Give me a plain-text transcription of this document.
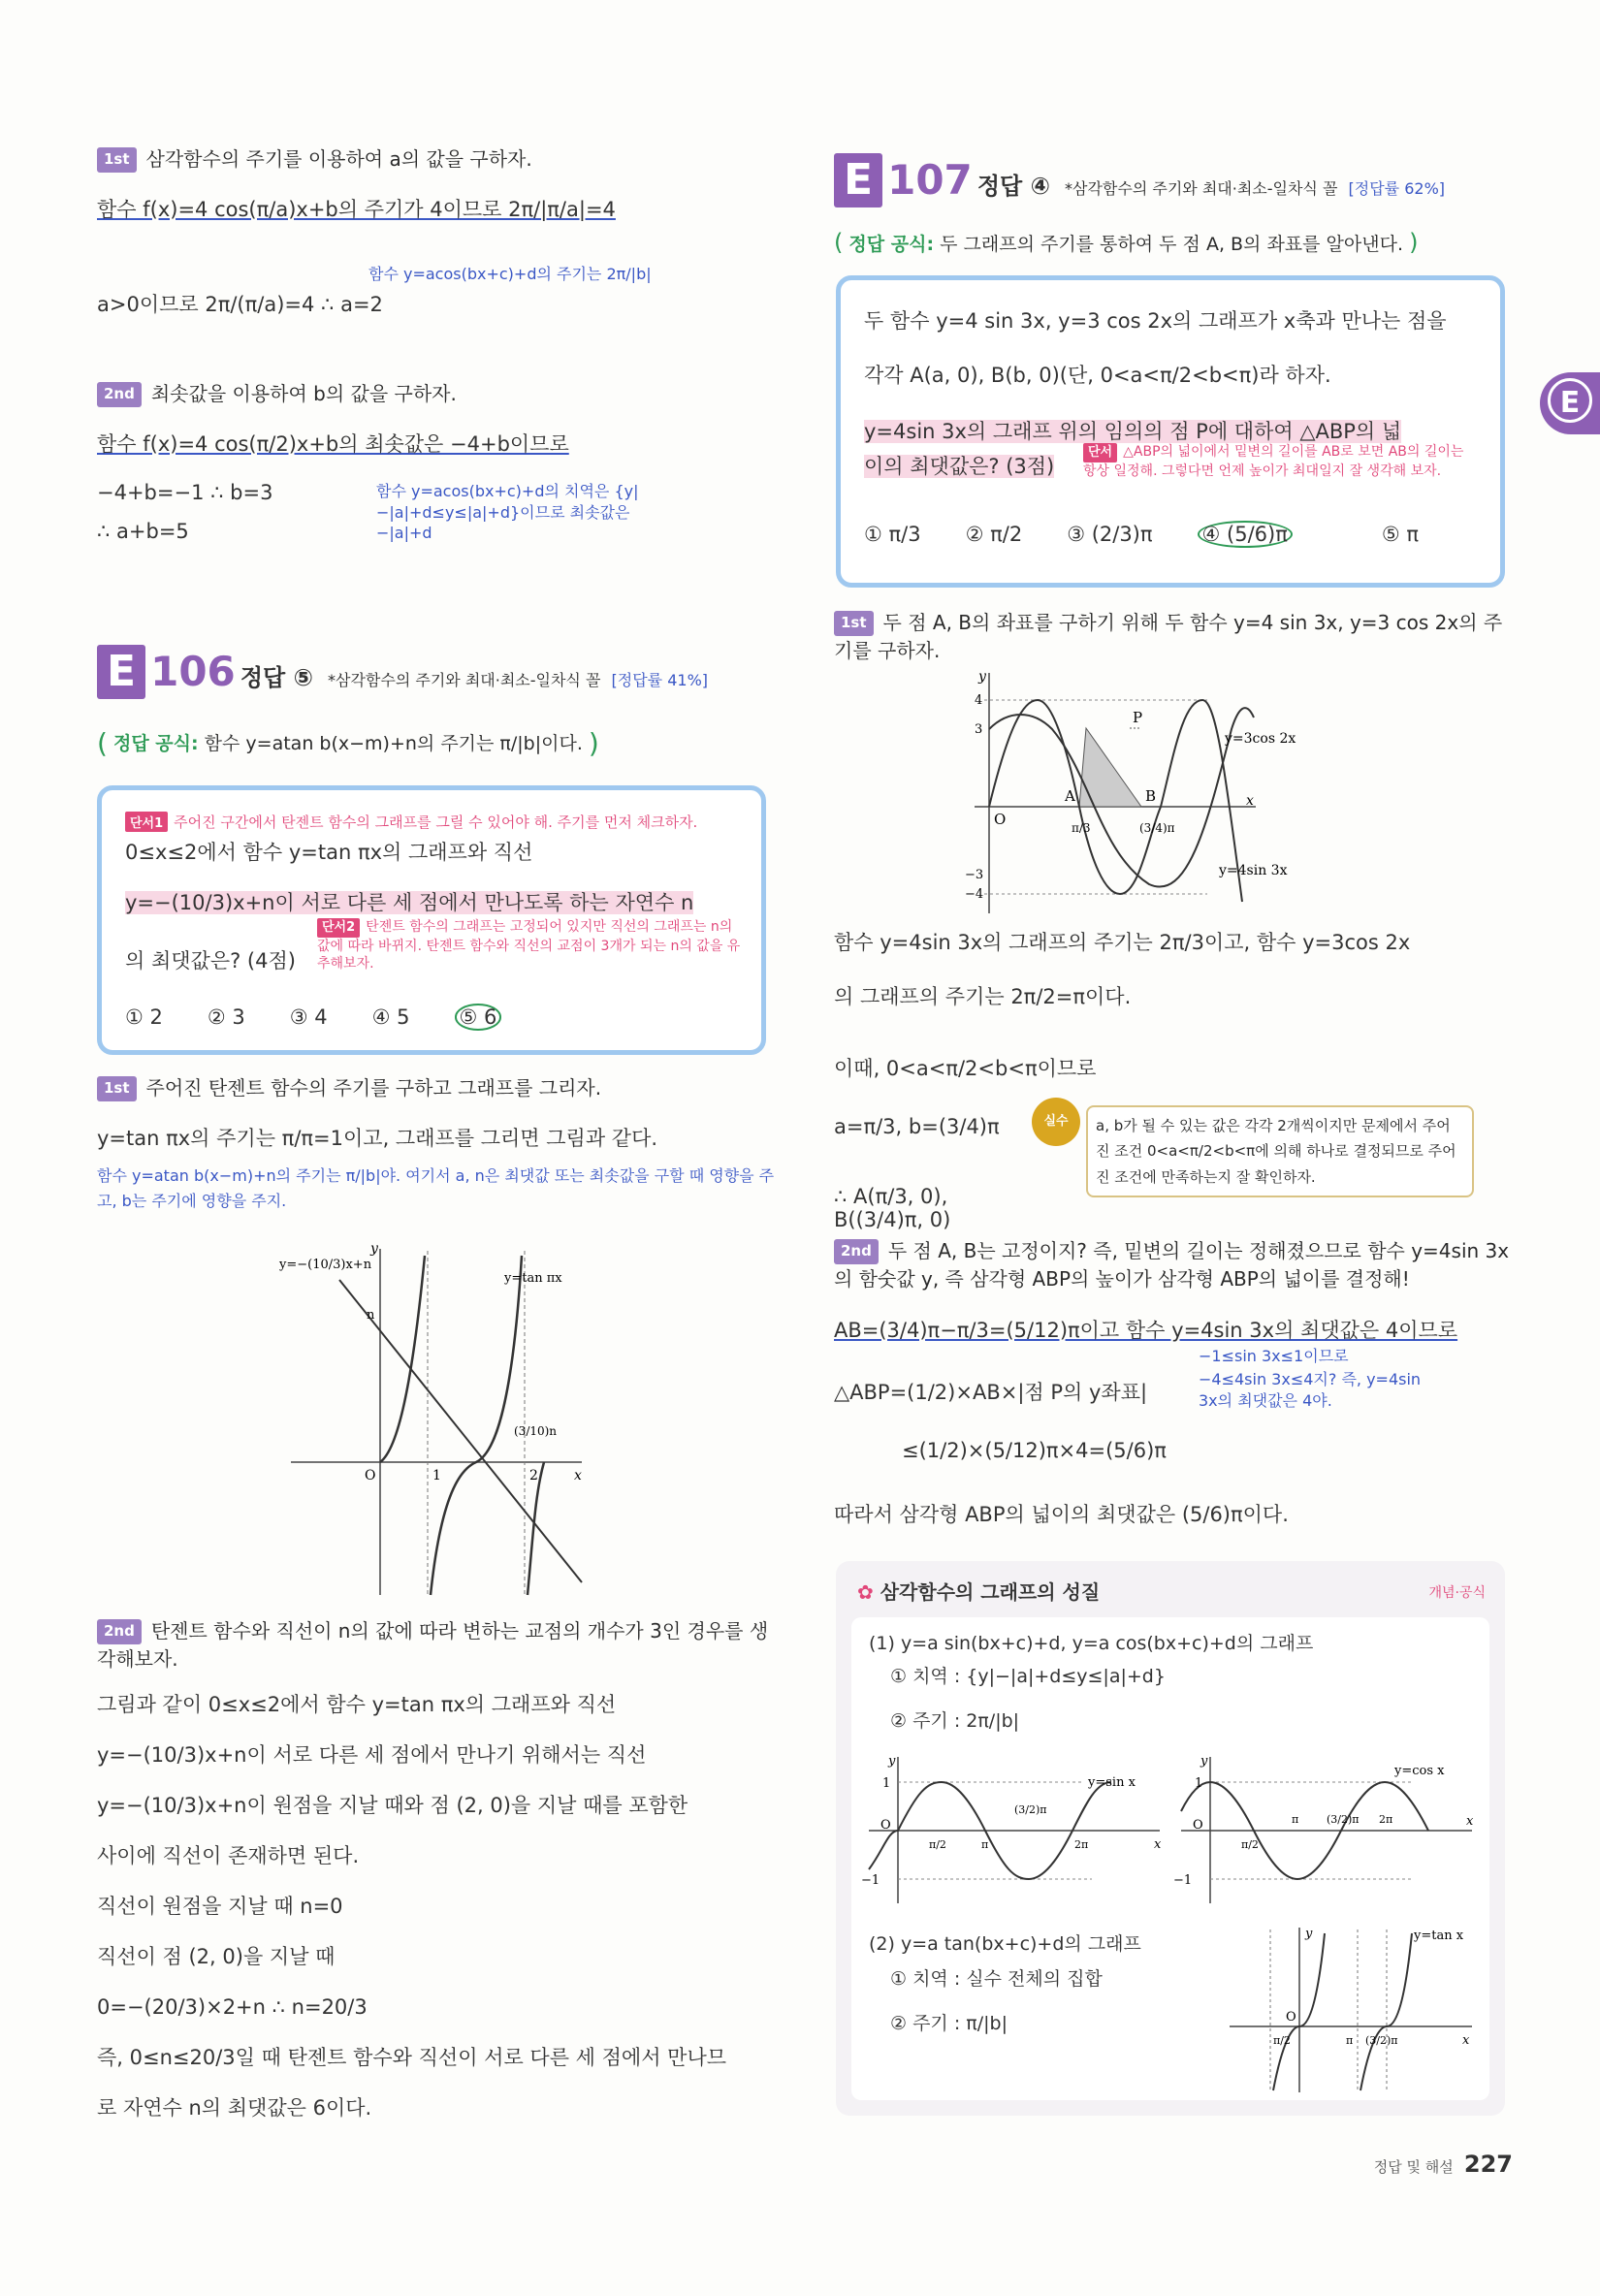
1st 삼각함수의 주기를 이용하여 a의 값을 구하자.
함수 f(x)=4 cos(π/a)x+b의 주기가 4이므로 2π/|π/a|=4
함수 y=acos(bx+c)+d의 주기는 2π/|b|
a>0이므로 2π/(π/a)=4 ∴ a=2
2nd 최솟값을 이용하여 b의 값을 구하자.
함수 f(x)=4 cos(π/2)x+b의 최솟값은 −4+b이므로
−4+b=−1 ∴ b=3	함수 y=acos(bx+c)+d의 치역은 {y|−|a|+d≤y≤|a|+d}이므로 최솟값은 −|a|+d
∴ a+b=5
E 106 정답 ⑤ *삼각함수의 주기와 최대·최소-일차식 꼴 [정답률 41%]
( 정답 공식: 함수 y=atan b(x−m)+n의 주기는 π/|b|이다. )
단서1 주어진 구간에서 탄젠트 함수의 그래프를 그릴 수 있어야 해. 주기를 먼저 체크하자.
0≤x≤2에서 함수 y=tan πx의 그래프와 직선
y=−(10/3)x+n이 서로 다른 세 점에서 만나도록 하는 자연수 n
단서2 탄젠트 함수의 그래프는 고정되어 있지만 직선의 그래프는 n의 값에 따라 바뀌지. 탄젠트 함수와 직선의 교점이 3개가 되는 n의 값을 유추해보자.
의 최댓값은? (4점)
① 2 ② 3 ③ 4 ④ 5 ⑤ 6
1st 주어진 탄젠트 함수의 주기를 구하고 그래프를 그리자.
y=tan πx의 주기는 π/π=1이고, 그래프를 그리면 그림과 같다.
함수 y=atan b(x−m)+n의 주기는 π/|b|야. 여기서 a, n은 최댓값 또는 최솟값을 구할 때 영향을 주고, b는 주기에 영향을 주지.
y=−(10/3)x+n
y=tan πx
n
O	1	2	x
y
(3/10)n
2nd 탄젠트 함수와 직선이 n의 값에 따라 변하는 교점의 개수가 3인 경우를 생각해보자.
그림과 같이 0≤x≤2에서 함수 y=tan πx의 그래프와 직선
y=−(10/3)x+n이 서로 다른 세 점에서 만나기 위해서는 직선
y=−(10/3)x+n이 원점을 지날 때와 점 (2, 0)을 지날 때를 포함한
사이에 직선이 존재하면 된다.
직선이 원점을 지날 때 n=0
직선이 점 (2, 0)을 지날 때
0=−(20/3)×2+n ∴ n=20/3
즉, 0≤n≤20/3일 때 탄젠트 함수와 직선이 서로 다른 세 점에서 만나므
로 자연수 n의 최댓값은 6이다.
E 107 정답 ④ *삼각함수의 주기와 최대·최소-일차식 꼴 [정답률 62%]
( 정답 공식: 두 그래프의 주기를 통하여 두 점 A, B의 좌표를 알아낸다. )
두 함수 y=4 sin 3x, y=3 cos 2x의 그래프가 x축과 만나는 점을
각각 A(a, 0), B(b, 0)(단, 0<a<π/2<b<π)라 하자.
y=4sin 3x의 그래프 위의 임의의 점 P에 대하여 △ABP의 넓
이의 최댓값은? (3점)
단서 △ABP의 넓이에서 밑변의 길이를 AB로 보면 AB의 길이는 항상 일정해. 그렇다면 언제 높이가 최대일지 잘 생각해 보자.
① π/3 ② π/2 ③ (2/3)π ④ (5/6)π	⑤ π
1st 두 점 A, B의 좌표를 구하기 위해 두 함수 y=4 sin 3x, y=3 cos 2x의 주기를 구하자.
y=3cos 2x
y=4sin 3x
P
A	B
O
4
3
−3
−4
π/3	(3/4)π
x
y
함수 y=4sin 3x의 그래프의 주기는 2π/3이고, 함수 y=3cos 2x
의 그래프의 주기는 2π/2=π이다.
이때, 0<a<π/2<b<π이므로
a=π/3, b=(3/4)π
∴ A(π/3, 0), B((3/4)π, 0)
실수	a, b가 될 수 있는 값은 각각 2개씩이지만 문제에서 주어진 조건 0<a<π/2<b<π에 의해 하나로 결정되므로 주어진 조건에 만족하는지 잘 확인하자.
2nd 두 점 A, B는 고정이지? 즉, 밑변의 길이는 정해졌으므로 함수 y=4sin 3x의 함숫값 y, 즉 삼각형 ABP의 높이가 삼각형 ABP의 넓이를 결정해!
AB=(3/4)π−π/3=(5/12)π이고 함수 y=4sin 3x의 최댓값은 4이므로
−1≤sin 3x≤1이므로
△ABP=(1/2)×AB×|점 P의 y좌표|
−4≤4sin 3x≤4지? 즉, y=4sin 3x의 최댓값은 4야.
≤(1/2)×(5/12)π×4=(5/6)π
따라서 삼각형 ABP의 넓이의 최댓값은 (5/6)π이다.
✿ 삼각함수의 그래프의 성질	개념·공식
(1) y=a sin(bx+c)+d, y=a cos(bx+c)+d의 그래프
① 치역 : {y|−|a|+d≤y≤|a|+d}
② 주기 : 2π/|b|
1
−1
O
π/2	π
(3/2)π
2π
y=sin x
x
y
1
−1
O
π/2
π	(3/2)π 2π
y=cos x
x
y
(2) y=a tan(bx+c)+d의 그래프
① 치역 : 실수 전체의 집합
② 주기 : π/|b|	O
π/2	π (3/2)π
y=tan x
x
y
E
정답 및 해설 227
